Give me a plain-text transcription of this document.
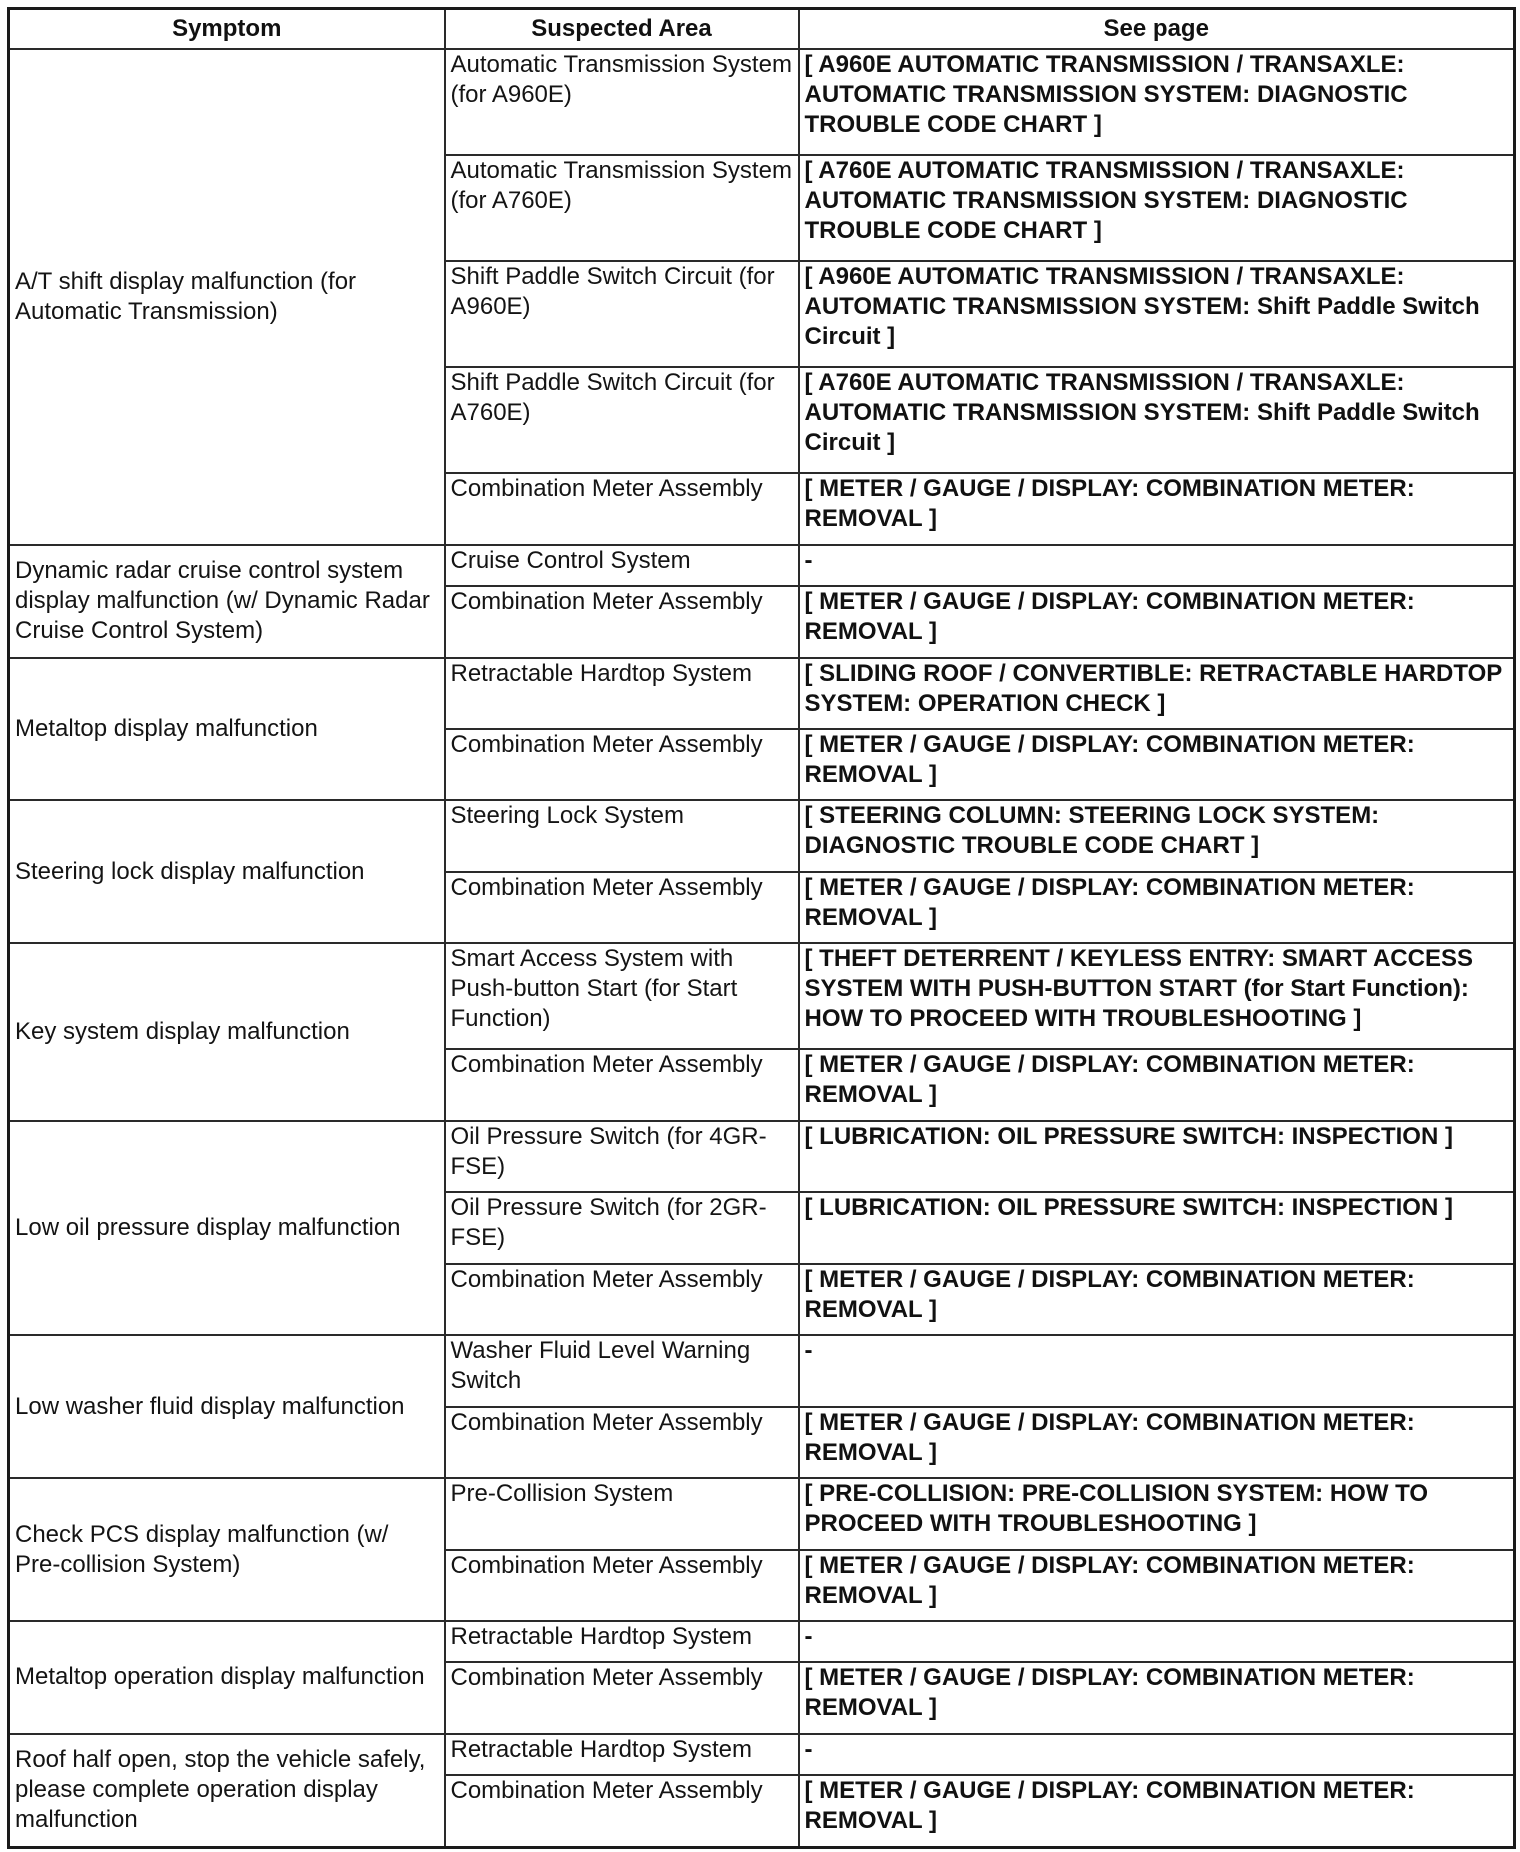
Symptom	Suspected Area	See page
A/T shift display malfunction (for Automatic Transmission)	Automatic Transmission System (for A960E)	[ A960E AUTOMATIC TRANSMISSION / TRANSAXLE: AUTOMATIC TRANSMISSION SYSTEM: DIAGNOSTIC TROUBLE CODE CHART ]
	Automatic Transmission System (for A760E)	[ A760E AUTOMATIC TRANSMISSION / TRANSAXLE: AUTOMATIC TRANSMISSION SYSTEM: DIAGNOSTIC TROUBLE CODE CHART ]
	Shift Paddle Switch Circuit (for A960E)	[ A960E AUTOMATIC TRANSMISSION / TRANSAXLE: AUTOMATIC TRANSMISSION SYSTEM: Shift Paddle Switch Circuit ]
	Shift Paddle Switch Circuit (for A760E)	[ A760E AUTOMATIC TRANSMISSION / TRANSAXLE: AUTOMATIC TRANSMISSION SYSTEM: Shift Paddle Switch Circuit ]
	Combination Meter Assembly	[ METER / GAUGE / DISPLAY: COMBINATION METER: REMOVAL ]
Dynamic radar cruise control system display malfunction (w/ Dynamic Radar Cruise Control System)	Cruise Control System	-
	Combination Meter Assembly	[ METER / GAUGE / DISPLAY: COMBINATION METER: REMOVAL ]
Metaltop display malfunction	Retractable Hardtop System	[ SLIDING ROOF / CONVERTIBLE: RETRACTABLE HARDTOP SYSTEM: OPERATION CHECK ]
	Combination Meter Assembly	[ METER / GAUGE / DISPLAY: COMBINATION METER: REMOVAL ]
Steering lock display malfunction	Steering Lock System	[ STEERING COLUMN: STEERING LOCK SYSTEM: DIAGNOSTIC TROUBLE CODE CHART ]
	Combination Meter Assembly	[ METER / GAUGE / DISPLAY: COMBINATION METER: REMOVAL ]
Key system display malfunction	Smart Access System with Push-button Start (for Start Function)	[ THEFT DETERRENT / KEYLESS ENTRY: SMART ACCESS SYSTEM WITH PUSH-BUTTON START (for Start Function): HOW TO PROCEED WITH TROUBLESHOOTING ]
	Combination Meter Assembly	[ METER / GAUGE / DISPLAY: COMBINATION METER: REMOVAL ]
Low oil pressure display malfunction	Oil Pressure Switch (for 4GR-FSE)	[ LUBRICATION: OIL PRESSURE SWITCH: INSPECTION ]
	Oil Pressure Switch (for 2GR-FSE)	[ LUBRICATION: OIL PRESSURE SWITCH: INSPECTION ]
	Combination Meter Assembly	[ METER / GAUGE / DISPLAY: COMBINATION METER: REMOVAL ]
Low washer fluid display malfunction	Washer Fluid Level Warning Switch	-
	Combination Meter Assembly	[ METER / GAUGE / DISPLAY: COMBINATION METER: REMOVAL ]
Check PCS display malfunction (w/ Pre-collision System)	Pre-Collision System	[ PRE-COLLISION: PRE-COLLISION SYSTEM: HOW TO PROCEED WITH TROUBLESHOOTING ]
	Combination Meter Assembly	[ METER / GAUGE / DISPLAY: COMBINATION METER: REMOVAL ]
Metaltop operation display malfunction	Retractable Hardtop System	-
	Combination Meter Assembly	[ METER / GAUGE / DISPLAY: COMBINATION METER: REMOVAL ]
Roof half open, stop the vehicle safely, please complete operation display malfunction	Retractable Hardtop System	-
	Combination Meter Assembly	[ METER / GAUGE / DISPLAY: COMBINATION METER: REMOVAL ]
